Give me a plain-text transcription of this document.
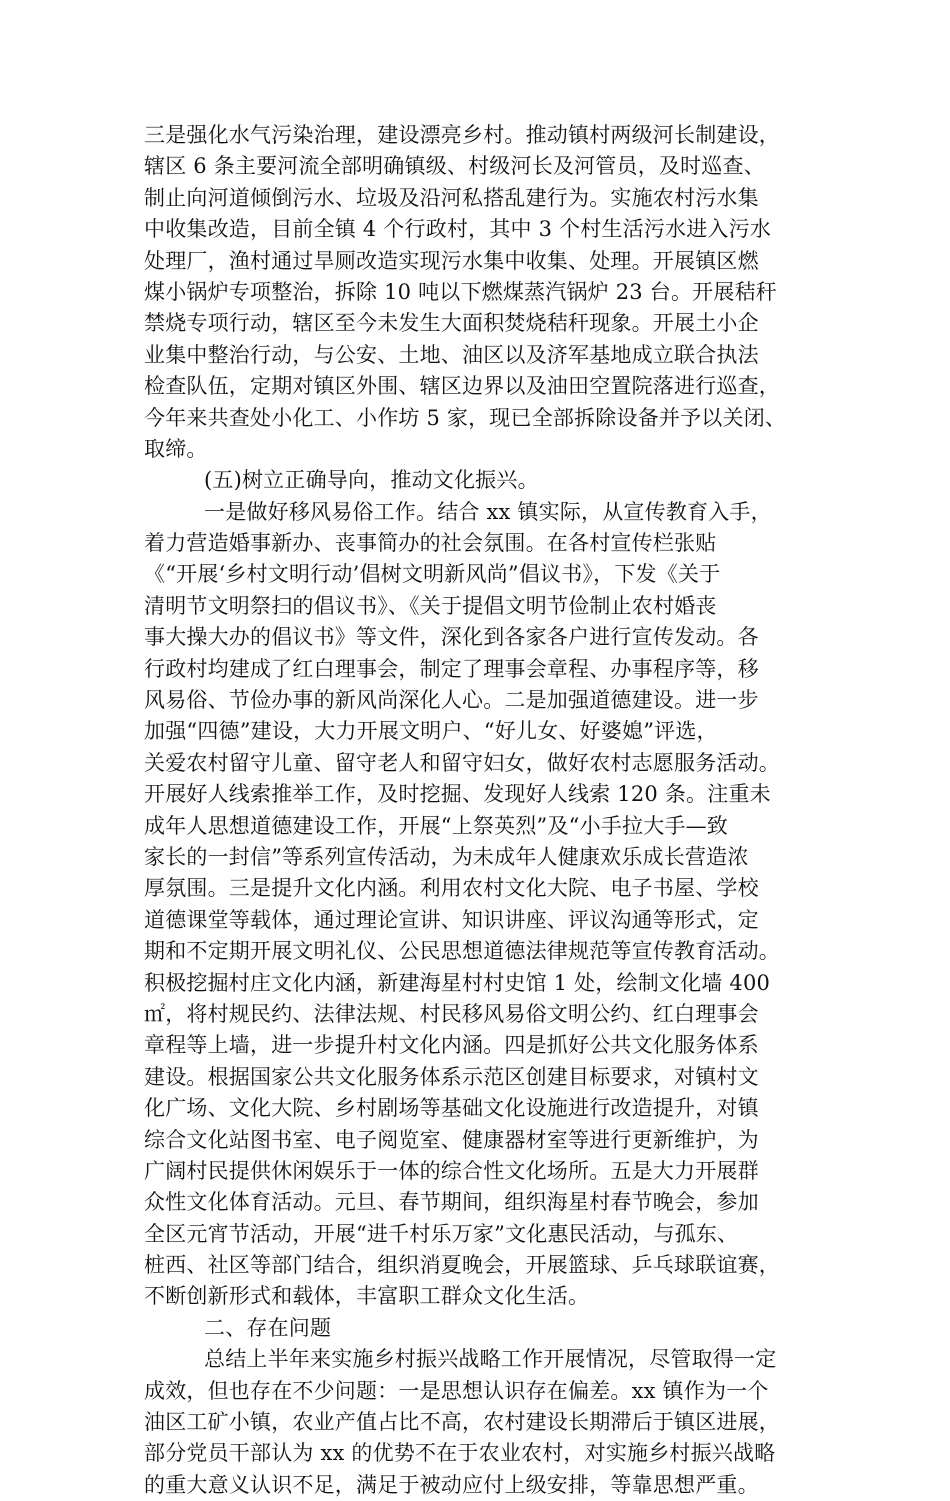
三是强化水气污染治理，建设漂亮乡村。推动镇村两级河长制建设，
辖区 6 条主要河流全部明确镇级、村级河长及河管员，及时巡查、
制止向河道倾倒污水、垃圾及沿河私搭乱建行为。实施农村污水集
中收集改造，目前全镇 4 个行政村，其中 3 个村生活污水进入污水
处理厂，渔村通过旱厕改造实现污水集中收集、处理。开展镇区燃
煤小锅炉专项整治，拆除 10 吨以下燃煤蒸汽锅炉 23 台。开展秸秆
禁烧专项行动，辖区至今未发生大面积焚烧秸秆现象。开展土小企
业集中整治行动，与公安、土地、油区以及济军基地成立联合执法
检查队伍，定期对镇区外围、辖区边界以及油田空置院落进行巡查，
今年来共查处小化工、小作坊 5 家，现已全部拆除设备并予以关闭、
取缔。
(五)树立正确导向，推动文化振兴。
一是做好移风易俗工作。结合 xx 镇实际，从宣传教育入手，
着力营造婚事新办、丧事简办的社会氛围。在各村宣传栏张贴
《“开展‘乡村文明行动’倡树文明新风尚”倡议书》，下发《关于
清明节文明祭扫的倡议书》、《关于提倡文明节俭制止农村婚丧
事大操大办的倡议书》等文件，深化到各家各户进行宣传发动。各
行政村均建成了红白理事会，制定了理事会章程、办事程序等，移
风易俗、节俭办事的新风尚深化人心。二是加强道德建设。进一步
加强“四德”建设，大力开展文明户、“好儿女、好婆媳”评选，
关爱农村留守儿童、留守老人和留守妇女，做好农村志愿服务活动。
开展好人线索推举工作，及时挖掘、发现好人线索 120 条。注重未
成年人思想道德建设工作，开展“上祭英烈”及“小手拉大手—致
家长的一封信”等系列宣传活动，为未成年人健康欢乐成长营造浓
厚氛围。三是提升文化内涵。利用农村文化大院、电子书屋、学校
道德课堂等载体，通过理论宣讲、知识讲座、评议沟通等形式，定
期和不定期开展文明礼仪、公民思想道德法律规范等宣传教育活动。
积极挖掘村庄文化内涵，新建海星村村史馆 1 处，绘制文化墙 400
㎡，将村规民约、法律法规、村民移风易俗文明公约、红白理事会
章程等上墙，进一步提升村文化内涵。四是抓好公共文化服务体系
建设。根据国家公共文化服务体系示范区创建目标要求，对镇村文
化广场、文化大院、乡村剧场等基础文化设施进行改造提升，对镇
综合文化站图书室、电子阅览室、健康器材室等进行更新维护，为
广阔村民提供休闲娱乐于一体的综合性文化场所。五是大力开展群
众性文化体育活动。元旦、春节期间，组织海星村春节晚会，参加
全区元宵节活动，开展“进千村乐万家”文化惠民活动，与孤东、
桩西、社区等部门结合，组织消夏晚会，开展篮球、乒乓球联谊赛，
不断创新形式和载体，丰富职工群众文化生活。
二、存在问题
总结上半年来实施乡村振兴战略工作开展情况，尽管取得一定
成效，但也存在不少问题：一是思想认识存在偏差。xx 镇作为一个
油区工矿小镇，农业产值占比不高，农村建设长期滞后于镇区进展，
部分党员干部认为 xx 的优势不在于农业农村，对实施乡村振兴战略
的重大意义认识不足，满足于被动应付上级安排，等靠思想严重。
